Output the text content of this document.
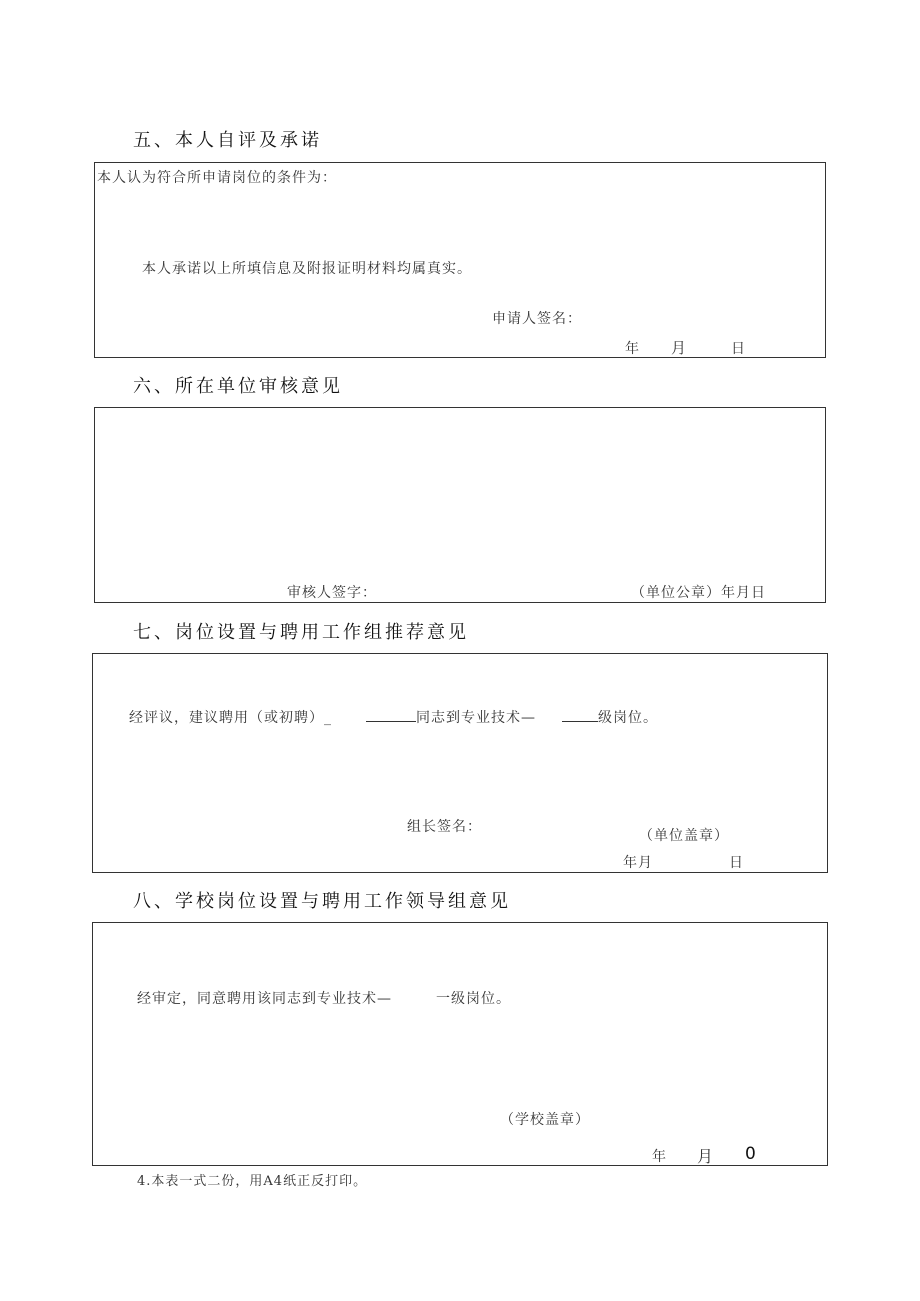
五、本人自评及承诺
本人认为符合所申请岗位的条件为：
本人承诺以上所填信息及附报证明材料均属真实。
申请人签名：
年 月	日
六、所在单位审核意见
审核人签字：	（单位公章）年月日
七、岗位设置与聘用工作组推荐意见
经评议，建议聘用（或初聘）_	同志到专业技术—	级岗位。
组长签名：
（单位盖章）
年月	日
八、学校岗位设置与聘用工作领导组意见
经审定，同意聘用该同志到专业技术—	一级岗位。
（学校盖章）
年 月 0
4.本表一式二份，用A4纸正反打印。
